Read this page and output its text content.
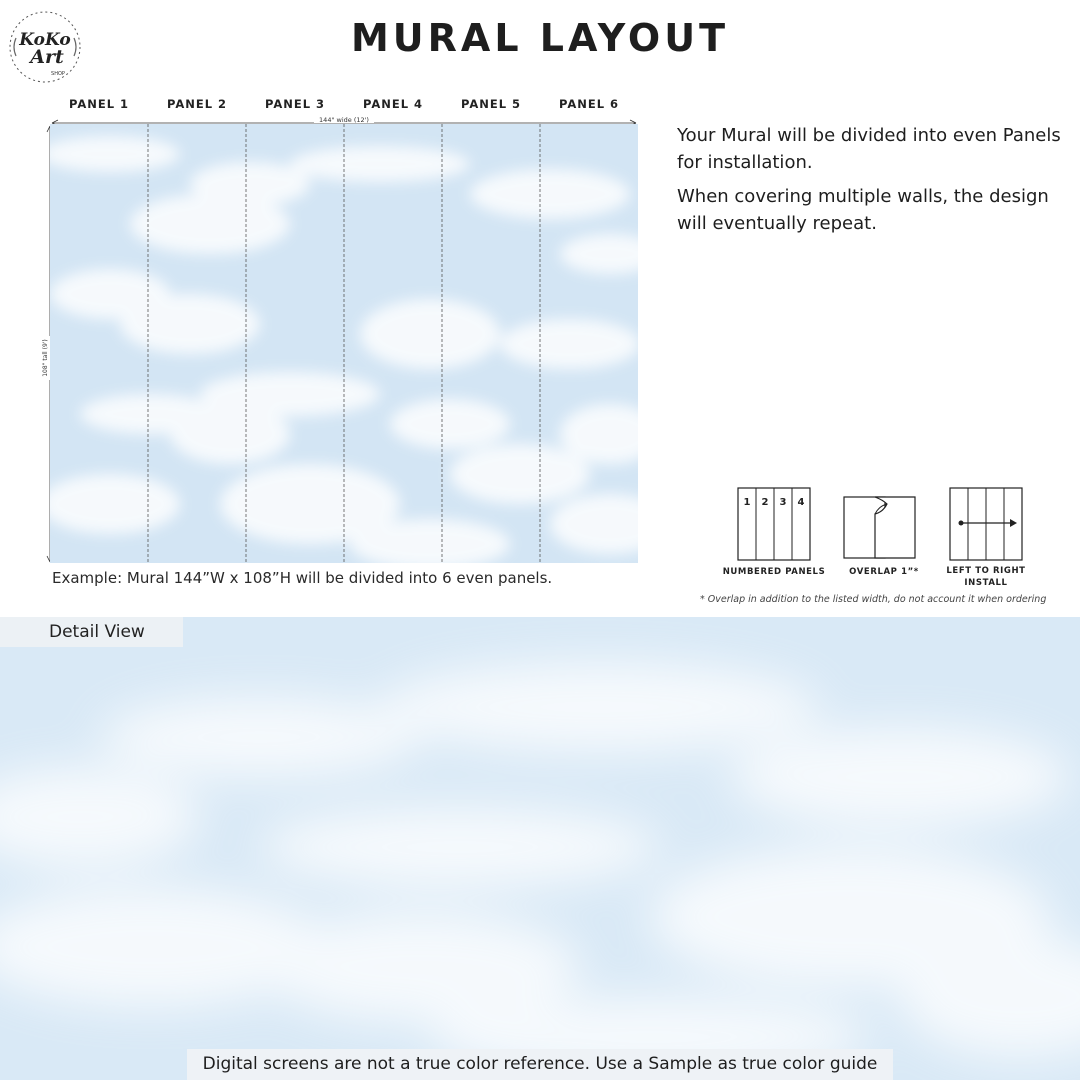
KoKo
Art
SHOP
MURAL LAYOUT
PANEL 1	PANEL 2	PANEL 3	PANEL 4	PANEL 5	PANEL 6
144" wide (12')
108" tall (9')
Example: Mural 144”W x 108”H will be divided into 6 even panels.

Your Mural will be divided into even Panels for installation.

When covering multiple walls, the design will eventually repeat.

1 2 3 4
NUMBERED PANELS	OVERLAP 1”*	LEFT TO RIGHT
INSTALL
* Overlap in addition to the listed width, do not account it when ordering
Detail View
Digital screens are not a true color reference. Use a Sample as true color guide
